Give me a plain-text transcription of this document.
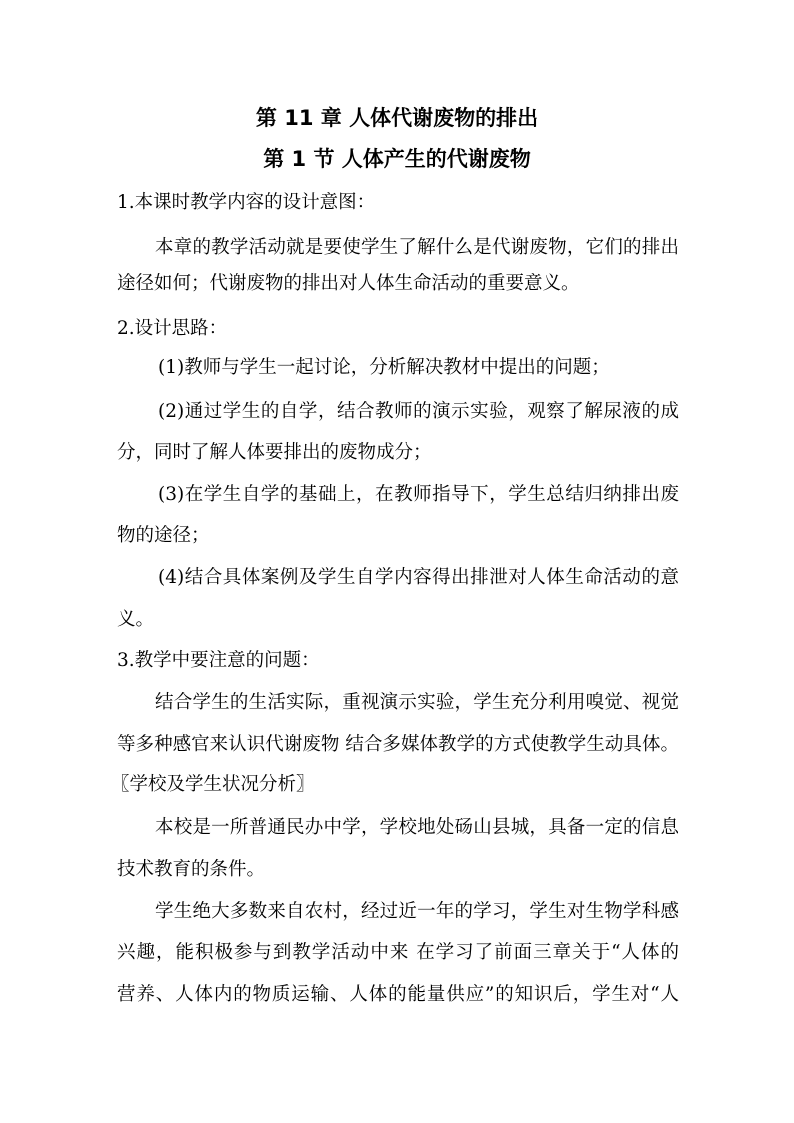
第 11 章 人体代谢废物的排出
第 1 节 人体产生的代谢废物
1.本课时教学内容的设计意图：
本章的教学活动就是要使学生了解什么是代谢废物，它们的排出
途径如何；代谢废物的排出对人体生命活动的重要意义。
2.设计思路：
(1)教师与学生一起讨论，分析解决教材中提出的问题；
(2)通过学生的自学，结合教师的演示实验，观察了解尿液的成
分，同时了解人体要排出的废物成分；
(3)在学生自学的基础上，在教师指导下，学生总结归纳排出废
物的途径；
(4)结合具体案例及学生自学内容得出排泄对人体生命活动的意
义。
3.教学中要注意的问题：
结合学生的生活实际，重视演示实验，学生充分利用嗅觉、视觉
等多种感官来认识代谢废物 结合多媒体教学的方式使教学生动具体。
〖学校及学生状况分析〗
本校是一所普通民办中学，学校地处砀山县城，具备一定的信息
技术教育的条件。
学生绝大多数来自农村，经过近一年的学习，学生对生物学科感
兴趣，能积极参与到教学活动中来 在学习了前面三章关于“人体的
营养、人体内的物质运输、人体的能量供应”的知识后，学生对“人
